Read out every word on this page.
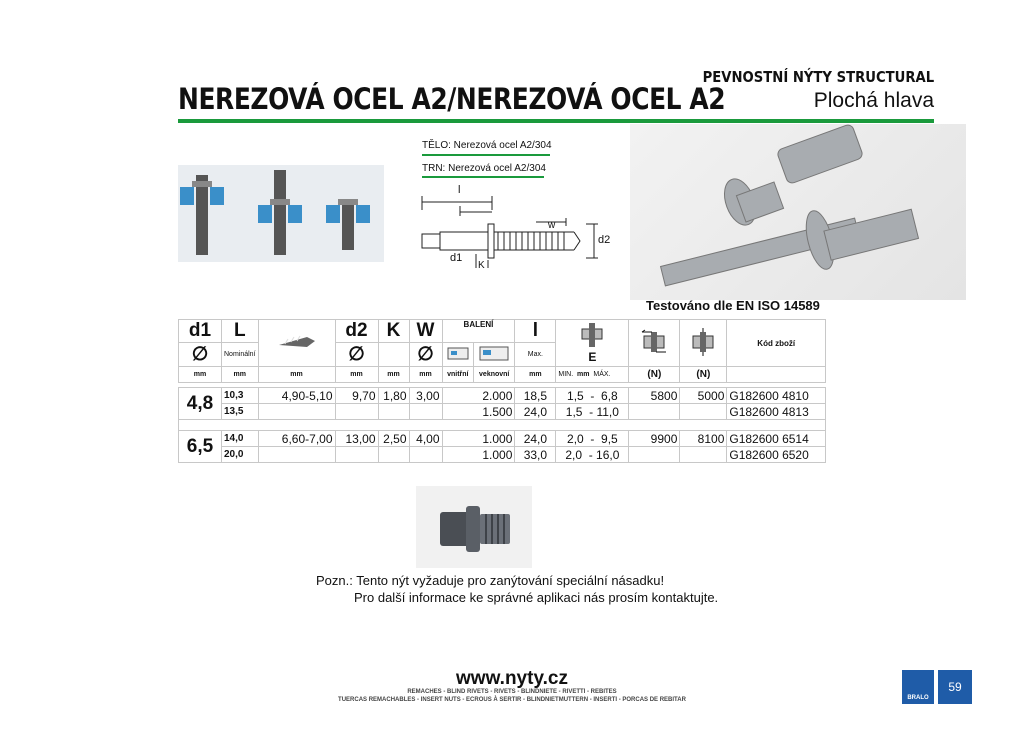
NEREZOVÁ OCEL A2/NEREZOVÁ OCEL A2
PEVNOSTNÍ NÝTY STRUCTURAL
Plochá hlava
TĚLO: Nerezová ocel A2/304
TRN: Nerezová ocel A2/304
l
w
d2
d1
K
Testováno dle EN ISO 14589
d1	L		d2	K	W	BALENÍ		l	E			Kód zboží
∅	Nominální		∅		∅			Max.				
mm	mm	mm	mm	mm	mm	vnitřní	veknovní	mm	MIN. mm MÁX.	(N)	(N)	

4,8	10,3	4,90-5,10	9,70	1,80	3,00	2.000		18,5	1,5  -  6,8	5800	5000	G182600 4810
	13,5					1.500		24,0	1,5  - 11,0			G182600 4813

6,5	14,0	6,60-7,00	13,00	2,50	4,00	1.000		24,0	2,0  -  9,5	9900	8100	G182600 6514
	20,0					1.000		33,0	2,0  - 16,0			G182600 6520
Pozn.: Tento nýt vyžaduje pro zanýtování speciální násadku!
Pro další informace ke správné aplikaci nás prosím kontaktujte.
www.nyty.cz
REMACHES - BLIND RIVETS - RIVETS - BLINDNIETE - RIVETTI - REBITES
TUERCAS REMACHABLES - INSERT NUTS - ECROUS À SERTIR - BLINDNIETMUTTERN - INSERTI - PORCAS DE REBITAR	BRALO
59
